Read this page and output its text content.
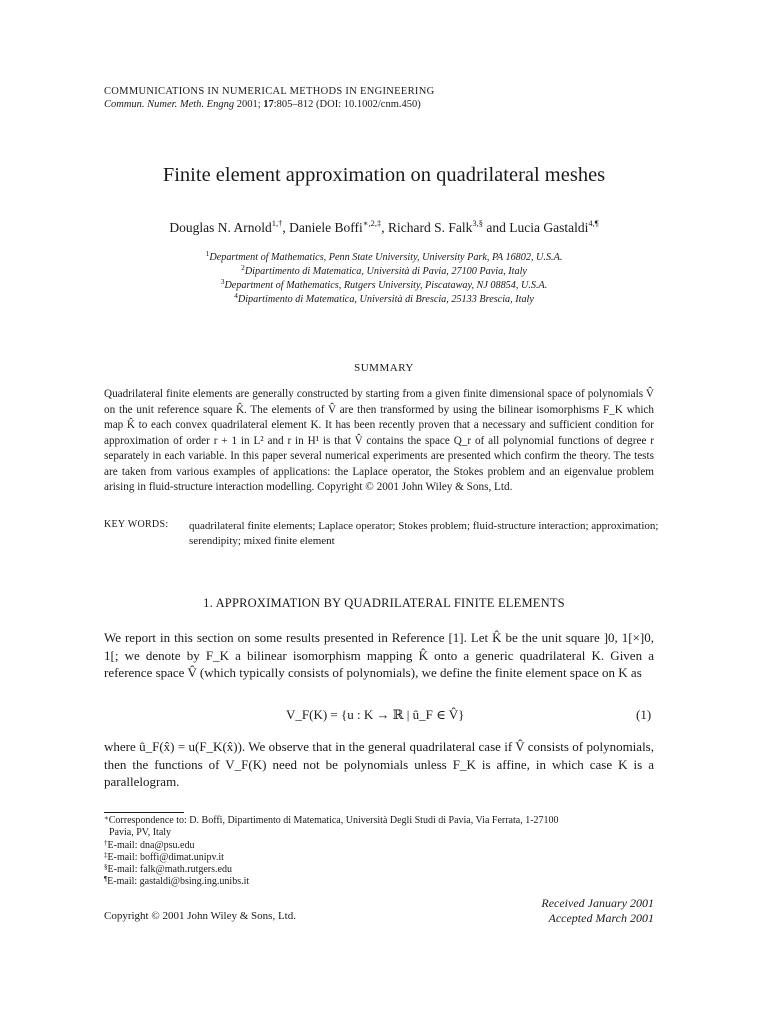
COMMUNICATIONS IN NUMERICAL METHODS IN ENGINEERING
Commun. Numer. Meth. Engng 2001; 17:805–812 (DOI: 10.1002/cnm.450)
Finite element approximation on quadrilateral meshes
Douglas N. Arnold$^{1,\dagger}$, Daniele Boffi$^{∗,2,\ddagger}$, Richard S. Falk$^{3,\S}$ and Lucia Gastaldi$^{4,\P}$
$^1$Department of Mathematics, Penn State University, University Park, PA 16802, U.S.A.
$^2$Dipartimento di Matematica, Università di Pavia, 27100 Pavia, Italy
$^3$Department of Mathematics, Rutgers University, Piscataway, NJ 08854, U.S.A.
$^4$Dipartimento di Matematica, Università di Brescia, 25133 Brescia, Italy
SUMMARY
Quadrilateral finite elements are generally constructed by starting from a given finite dimensional space of polynomials V̂ on the unit reference square K̂. The elements of V̂ are then transformed by using the bilinear isomorphisms F_K which map K̂ to each convex quadrilateral element K. It has been recently proven that a necessary and sufficient condition for approximation of order r + 1 in L² and r in H¹ is that V̂ contains the space Q_r of all polynomial functions of degree r separately in each variable. In this paper several numerical experiments are presented which confirm the theory. The tests are taken from various examples of applications: the Laplace operator, the Stokes problem and an eigenvalue problem arising in fluid-structure interaction modelling. Copyright © 2001 John Wiley & Sons, Ltd.
KEY WORDS: quadrilateral finite elements; Laplace operator; Stokes problem; fluid-structure interaction; approximation; serendipity; mixed finite element
1. APPROXIMATION BY QUADRILATERAL FINITE ELEMENTS
We report in this section on some results presented in Reference [1]. Let K̂ be the unit square ]0, 1[×]0, 1[; we denote by F_K a bilinear isomorphism mapping K̂ onto a generic quadrilateral K. Given a reference space V̂ (which typically consists of polynomials), we define the finite element space on K as
V_F(K) = {u : K → ℝ | û_F ∈ V̂}	(1)
where û_F(x̂) = u(F_K(x̂)). We observe that in the general quadrilateral case if V̂ consists of polynomials, then the functions of V_F(K) need not be polynomials unless F_K is affine, in which case K is a parallelogram.
∗Correspondence to: D. Boffi, Dipartimento di Matematica, Università Degli Studi di Pavia, Via Ferrata, 1-27100
Pavia, PV, Italy
†E-mail: dna@psu.edu
‡E-mail: boffi@dimat.unipv.it
§E-mail: falk@math.rutgers.edu
¶E-mail: gastaldi@bsing.ing.unibs.it
Received January 2001
Accepted March 2001
Copyright © 2001 John Wiley & Sons, Ltd.
